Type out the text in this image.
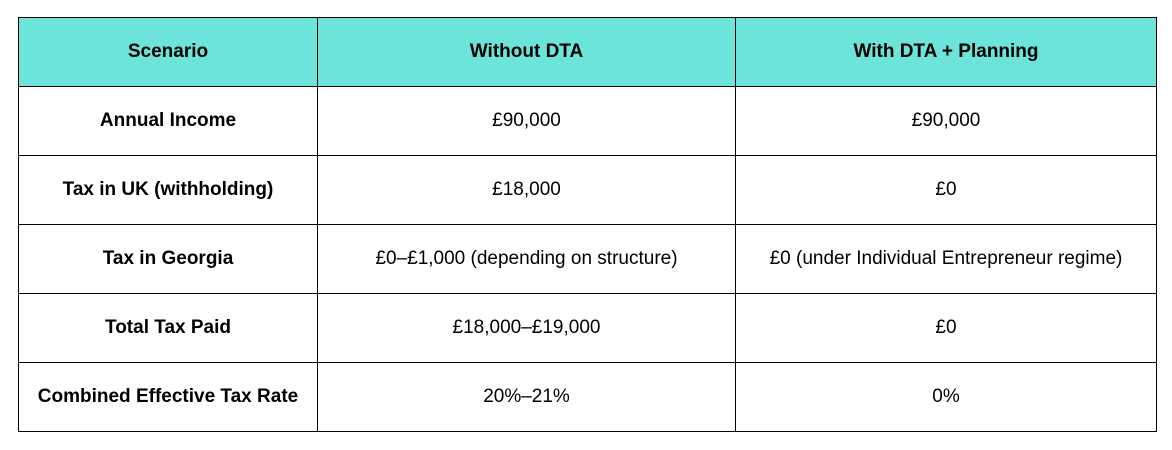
Scenario	Without DTA	With DTA + Planning
Annual Income	£90,000	£90,000
Tax in UK (withholding)	£18,000	£0
Tax in Georgia	£0–£1,000 (depending on structure)	£0 (under Individual Entrepreneur regime)
Total Tax Paid	£18,000–£19,000	£0
Combined Effective Tax Rate	20%–21%	0%
